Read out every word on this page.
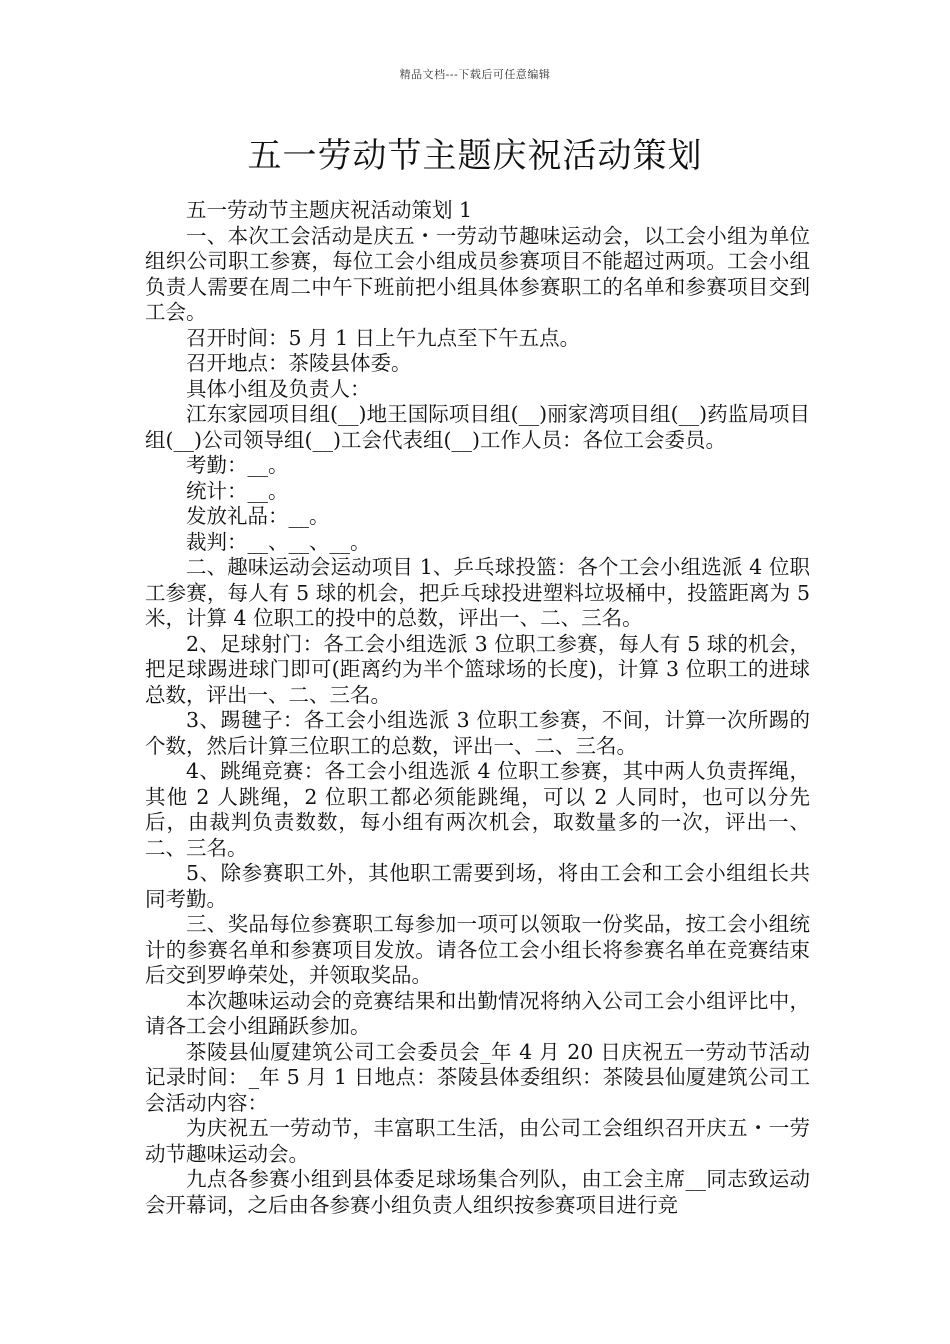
精品文档---下载后可任意编辑
五一劳动节主题庆祝活动策划

五一劳动节主题庆祝活动策划 1

一、本次工会活动是庆五・一劳动节趣味运动会，以工会小组为单位组织公司职工参赛，每位工会小组成员参赛项目不能超过两项。工会小组负责人需要在周二中午下班前把小组具体参赛职工的名单和参赛项目交到工会。

召开时间：5 月 1 日上午九点至下午五点。

召开地点：茶陵县体委。

具体小组及负责人：

江东家园项目组(__)地王国际项目组(__)丽家湾项目组(__)药监局项目组(__)公司领导组(__)工会代表组(__)工作人员：各位工会委员。

考勤：__。

统计：__。

发放礼品：__。

裁判：__、__、__。

二、趣味运动会运动项目 1、乒乓球投篮：各个工会小组选派 4 位职工参赛，每人有 5 球的机会，把乒乓球投进塑料垃圾桶中，投篮距离为 5 米，计算 4 位职工的投中的总数，评出一、二、三名。

2、足球射门：各工会小组选派 3 位职工参赛，每人有 5 球的机会，把足球踢进球门即可(距离约为半个篮球场的长度)，计算 3 位职工的进球总数，评出一、二、三名。

3、踢毽子：各工会小组选派 3 位职工参赛，不间，计算一次所踢的个数，然后计算三位职工的总数，评出一、二、三名。

4、跳绳竞赛：各工会小组选派 4 位职工参赛，其中两人负责挥绳，其他 2 人跳绳，2 位职工都必须能跳绳，可以 2 人同时，也可以分先后，由裁判负责数数，每小组有两次机会，取数量多的一次，评出一、二、三名。

5、除参赛职工外，其他职工需要到场，将由工会和工会小组组长共同考勤。

三、奖品每位参赛职工每参加一项可以领取一份奖品，按工会小组统计的参赛名单和参赛项目发放。请各位工会小组长将参赛名单在竞赛结束后交到罗峥荣处，并领取奖品。

本次趣味运动会的竞赛结果和出勤情况将纳入公司工会小组评比中，请各工会小组踊跃参加。

茶陵县仙厦建筑公司工会委员会_年 4 月 20 日庆祝五一劳动节活动记录时间：_年 5 月 1 日地点：茶陵县体委组织：茶陵县仙厦建筑公司工会活动内容：

为庆祝五一劳动节，丰富职工生活，由公司工会组织召开庆五・一劳动节趣味运动会。

九点各参赛小组到县体委足球场集合列队，由工会主席__同志致运动会开幕词，之后由各参赛小组负责人组织按参赛项目进行竞
